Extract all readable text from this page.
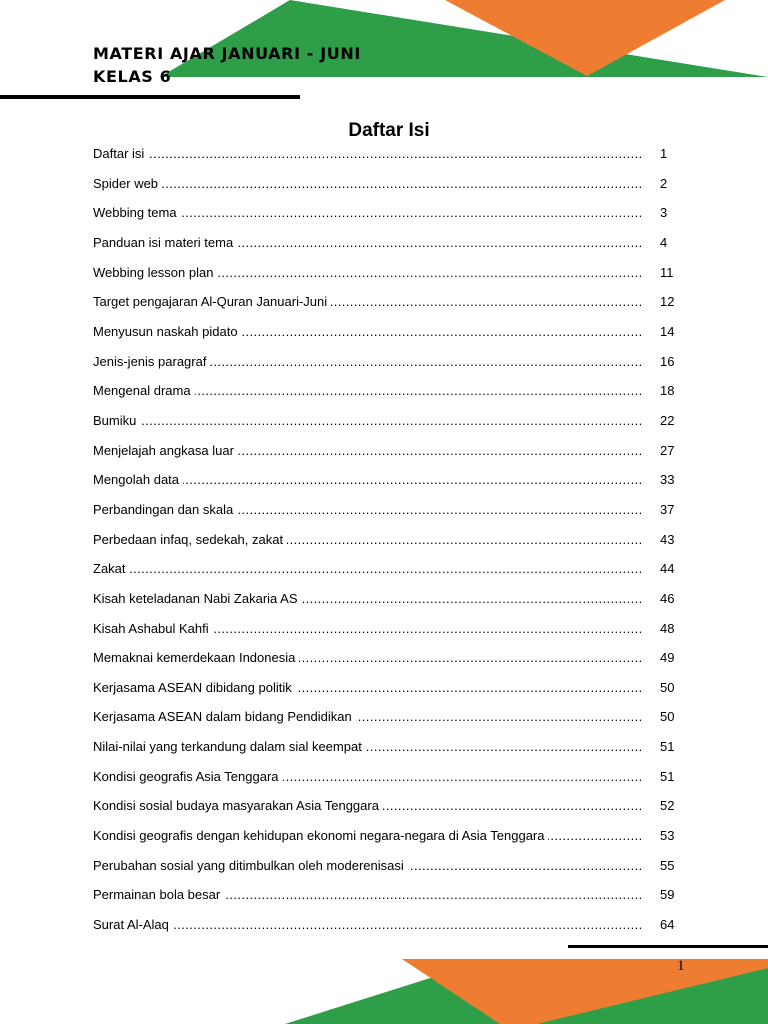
MATERI AJAR JANUARI - JUNI
KELAS 6
Daftar Isi
Daftar isi .....	1
Spider web .....	2
Webbing tema .....	3
Panduan isi materi tema .....	4
Webbing lesson plan .....	11
Target pengajaran Al-Quran Januari-Juni .....	12
Menyusun naskah pidato .....	14
Jenis-jenis paragraf .....	16
Mengenal drama .....	18
Bumiku .....	22
Menjelajah angkasa luar .....	27
Mengolah data .....	33
Perbandingan dan skala .....	37
Perbedaan infaq, sedekah, zakat .....	43
Zakat .....	44
Kisah keteladanan Nabi Zakaria AS .....	46
Kisah Ashabul Kahfi .....	48
Memaknai kemerdekaan Indonesia .....	49
Kerjasama ASEAN dibidang politik .....	50
Kerjasama ASEAN dalam bidang Pendidikan .....	50
Nilai-nilai yang terkandung dalam sial keempat .....	51
Kondisi geografis Asia Tenggara .....	51
Kondisi sosial budaya masyarakan Asia Tenggara .....	52
Kondisi geografis dengan kehidupan ekonomi negara-negara di Asia Tenggara .....	53
Perubahan sosial yang ditimbulkan oleh moderenisasi .....	55
Permainan bola besar .....	59
Surat Al-Alaq .....	64
1
